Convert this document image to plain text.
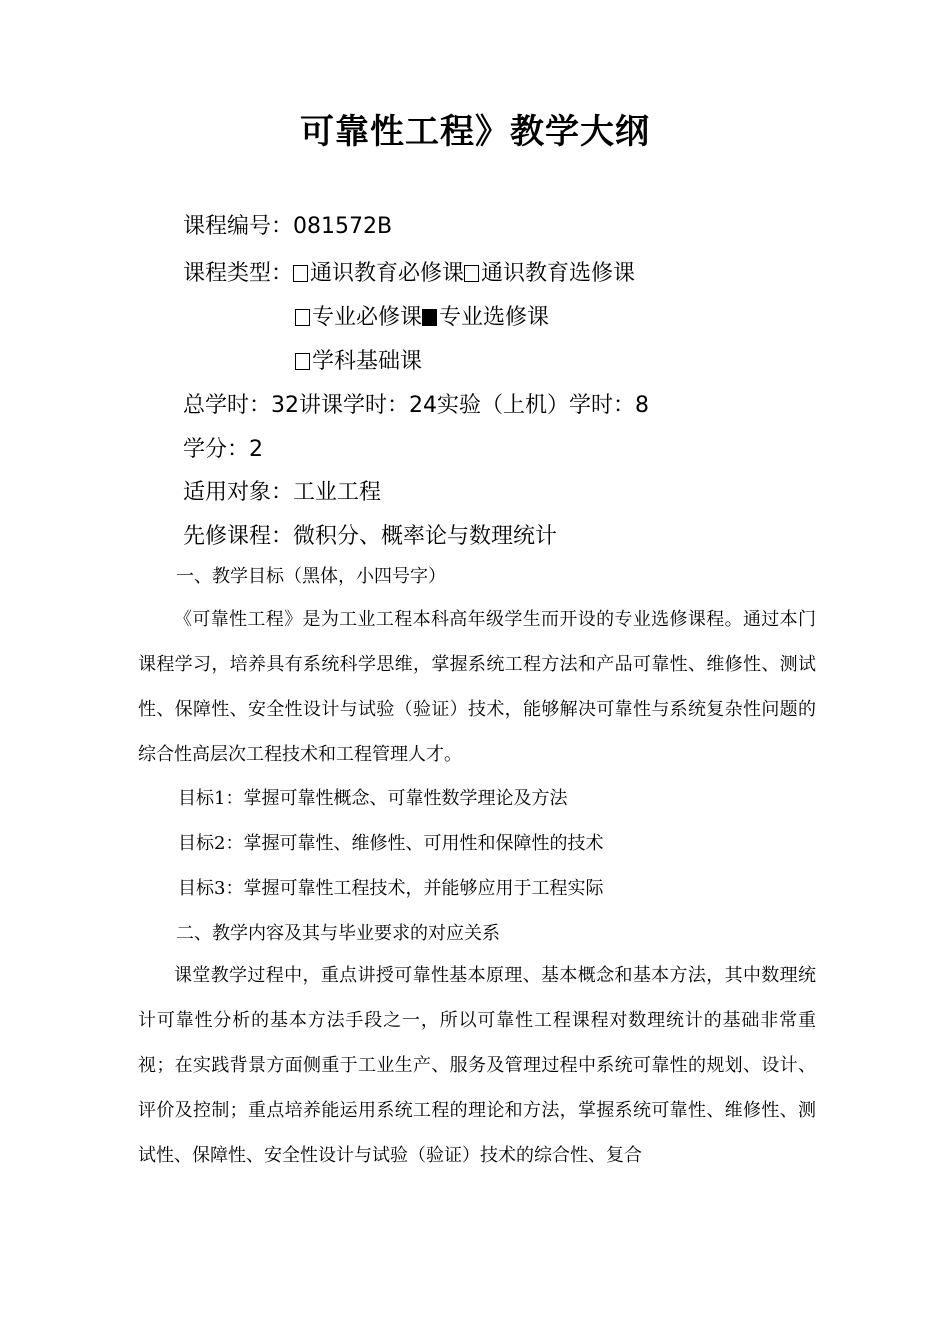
可靠性工程》教学大纲
课程编号：081572B
课程类型： 通识教育必修课 通识教育选修课
专业必修课 专业选修课
学科基础课
总学时：32讲课学时：24实验（上机）学时：8
学分：2
适用对象：工业工程
先修课程：微积分、概率论与数理统计
一、教学目标（黑体，小四号字）
《可靠性工程》是为工业工程本科高年级学生而开设的专业选修课程。通过本门课程学习，培养具有系统科学思维，掌握系统工程方法和产品可靠性、维修性、测试性、保障性、安全性设计与试验（验证）技术，能够解决可靠性与系统复杂性问题的综合性高层次工程技术和工程管理人才。
目标1：掌握可靠性概念、可靠性数学理论及方法
目标2：掌握可靠性、维修性、可用性和保障性的技术
目标3：掌握可靠性工程技术，并能够应用于工程实际
二、教学内容及其与毕业要求的对应关系
课堂教学过程中，重点讲授可靠性基本原理、基本概念和基本方法，其中数理统计可靠性分析的基本方法手段之一，所以可靠性工程课程对数理统计的基础非常重视；在实践背景方面侧重于工业生产、服务及管理过程中系统可靠性的规划、设计、评价及控制；重点培养能运用系统工程的理论和方法，掌握系统可靠性、维修性、测试性、保障性、安全性设计与试验（验证）技术的综合性、复合
